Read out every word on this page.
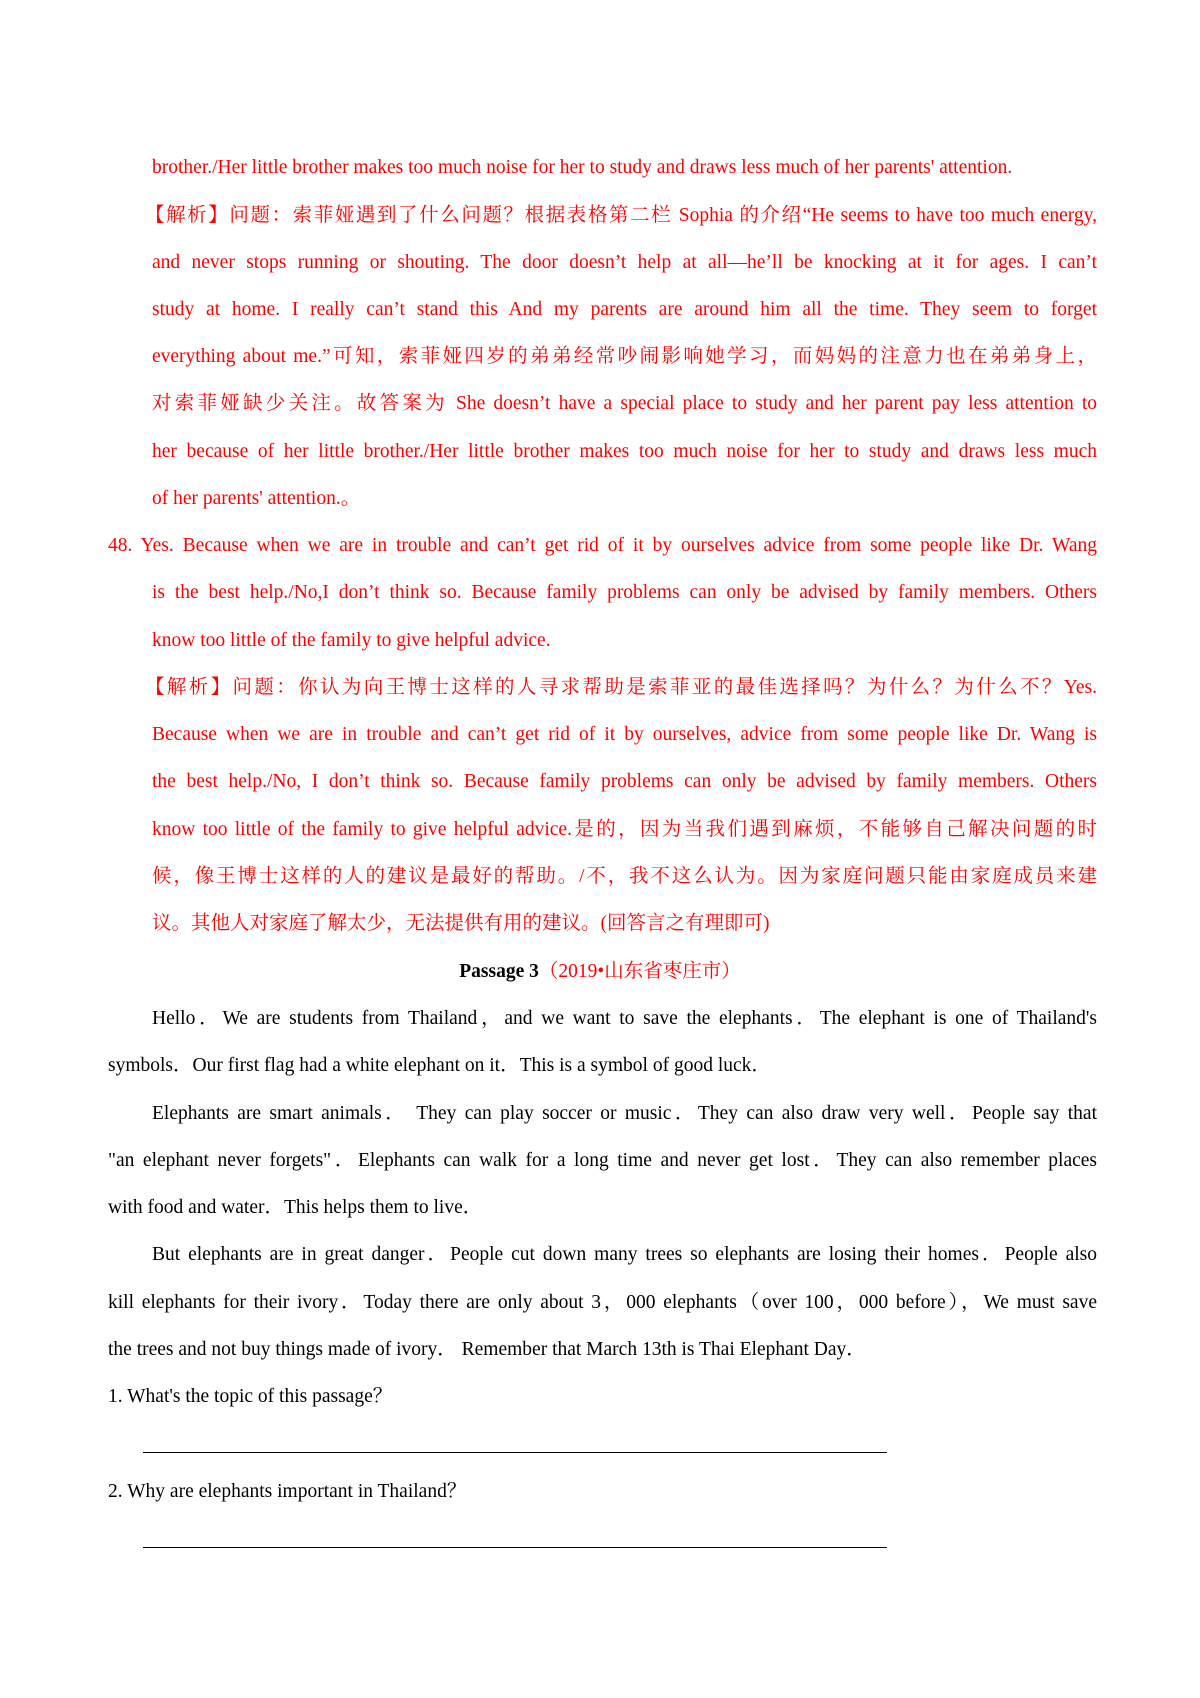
brother./Her little brother makes too much noise for her to study and draws less much of her parents' attention.
【解析】问题：索菲娅遇到了什么问题？根据表格第二栏 Sophia 的介绍“He seems to have too much energy,
and never stops running or shouting. The door doesn’t help at all—he’ll be knocking at it for ages. I can’t
study at home. I really can’t stand this And my parents are around him all the time. They seem to forget
everything about me.”可知，索菲娅四岁的弟弟经常吵闹影响她学习，而妈妈的注意力也在弟弟身上，
对索菲娅缺少关注。故答案为 She doesn’t have a special place to study and her parent pay less attention to
her because of her little brother./Her little brother makes too much noise for her to study and draws less much
of her parents' attention.。
48. Yes. Because when we are in trouble and can’t get rid of it by ourselves advice from some people like Dr. Wang
is the best help./No,I don’t think so. Because family problems can only be advised by family members. Others
know too little of the family to give helpful advice.
【解析】问题：你认为向王博士这样的人寻求帮助是索菲亚的最佳选择吗？为什么？为什么不？Yes.
Because when we are in trouble and can’t get rid of it by ourselves, advice from some people like Dr. Wang is
the best help./No, I don’t think so. Because family problems can only be advised by family members. Others
know too little of the family to give helpful advice.是的，因为当我们遇到麻烦，不能够自己解决问题的时
候，像王博士这样的人的建议是最好的帮助。/不，我不这么认为。因为家庭问题只能由家庭成员来建
议。其他人对家庭了解太少，无法提供有用的建议。(回答言之有理即可)
Passage 3（2019•山东省枣庄市）
Hello．We are students from Thailand，and we want to save the elephants．The elephant is one of Thailand's
symbols．Our first flag had a white elephant on it．This is a symbol of good luck．
Elephants are smart animals． They can play soccer or music．They can also draw very well．People say that
"an elephant never forgets"．Elephants can walk for a long time and never get lost．They can also remember places
with food and water．This helps them to live．
But elephants are in great danger．People cut down many trees so elephants are losing their homes．People also
kill elephants for their ivory．Today there are only about 3，000 elephants（over 100，000 before），We must save
the trees and not buy things made of ivory． Remember that March 13th is Thai Elephant Day．
1. What's the topic of this passage？
2. Why are elephants important in Thailand？
